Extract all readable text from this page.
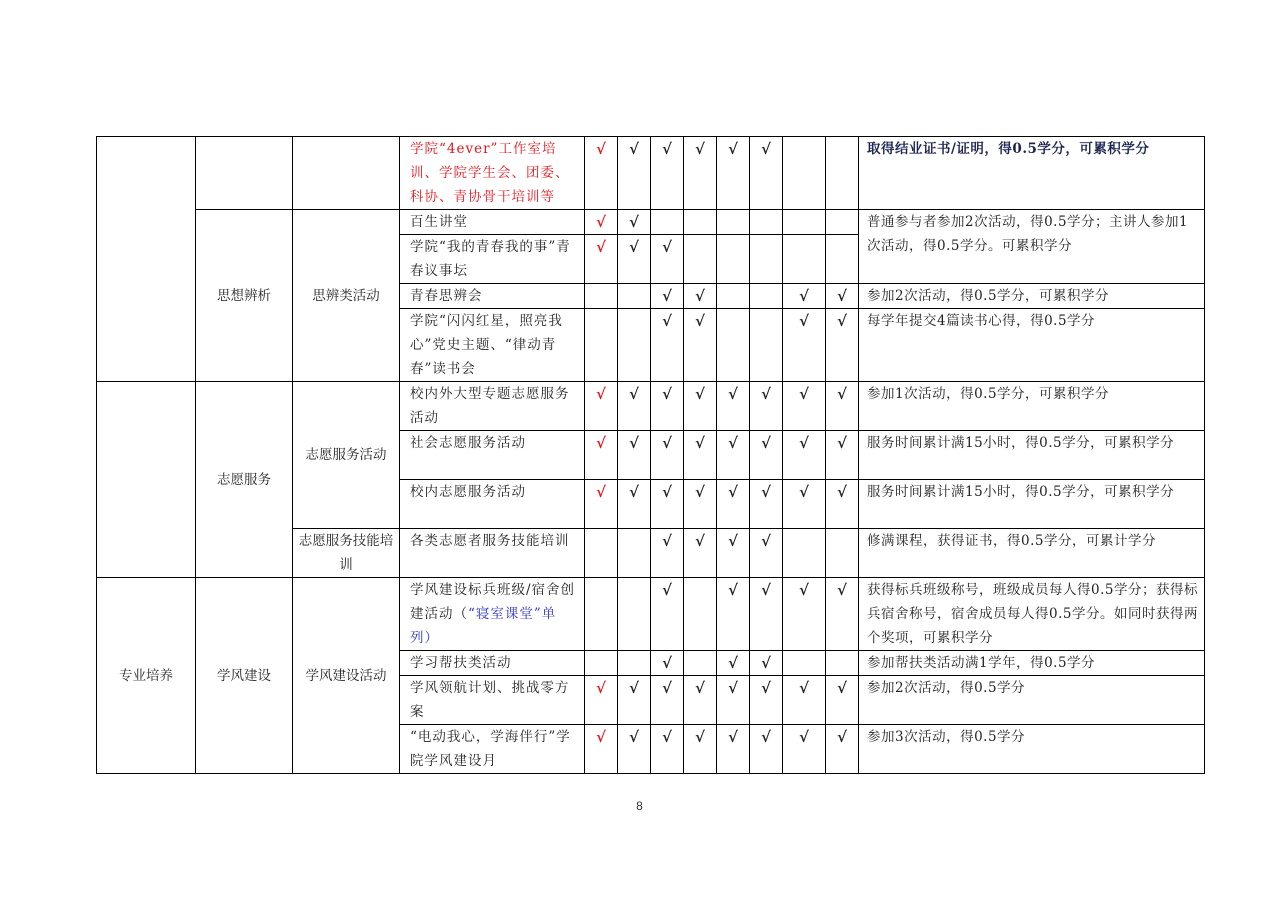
			学院“4ever”工作室培训、学院学生会、团委、科协、青协骨干培训等	√	√	√	√	√	√			取得结业证书/证明，得0.5学分，可累积学分
	思想辨析	思辨类活动	百生讲堂	√	√							普通参与者参加2次活动，得0.5学分；主讲人参加1次活动，得0.5学分。可累积学分
			学院“我的青春我的事”青春议事坛	√	√	√						
			青春思辨会			√	√			√	√	参加2次活动，得0.5学分，可累积学分
			学院“闪闪红星，照亮我心”党史主题、“律动青春”读书会			√	√			√	√	每学年提交4篇读书心得，得0.5学分
	志愿服务	志愿服务活动	校内外大型专题志愿服务活动	√	√	√	√	√	√	√	√	参加1次活动，得0.5学分，可累积学分
			社会志愿服务活动	√	√	√	√	√	√	√	√	服务时间累计满15小时，得0.5学分，可累积学分
			校内志愿服务活动	√	√	√	√	√	√	√	√	服务时间累计满15小时，得0.5学分，可累积学分
		志愿服务技能培训	各类志愿者服务技能培训			√	√	√	√			修满课程，获得证书，得0.5学分，可累计学分
专业培养	学风建设	学风建设活动	学风建设标兵班级/宿舍创建活动（“寝室课堂”单列）			√		√	√	√	√	获得标兵班级称号，班级成员每人得0.5学分；获得标兵宿舍称号，宿舍成员每人得0.5学分。如同时获得两个奖项，可累积学分
			学习帮扶类活动			√		√	√			参加帮扶类活动满1学年，得0.5学分
			学风领航计划、挑战零方案	√	√	√	√	√	√	√	√	参加2次活动，得0.5学分
			“电动我心，学海伴行”学院学风建设月	√	√	√	√	√	√	√	√	参加3次活动，得0.5学分
8
